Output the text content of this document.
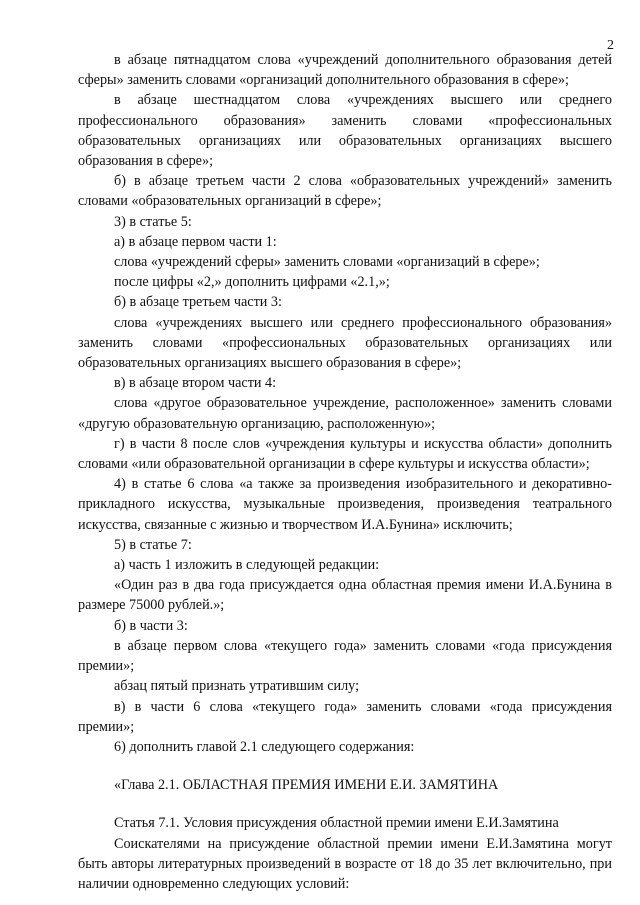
2

в абзаце пятнадцатом слова «учреждений дополнительного образования детей сферы» заменить словами «организаций дополнительного образования в сфере»;

в абзаце шестнадцатом слова «учреждениях высшего или среднего профессионального образования» заменить словами «профессиональных образовательных организациях или образовательных организациях высшего образования в сфере»;

б) в абзаце третьем части 2 слова «образовательных учреждений» заменить словами «образовательных организаций в сфере»;

3) в статье 5:

а) в абзаце первом части 1:

слова «учреждений сферы» заменить словами «организаций в сфере»;

после цифры «2,» дополнить цифрами «2.1,»;

б) в абзаце третьем части 3:

слова «учреждениях высшего или среднего профессионального образования» заменить словами «профессиональных образовательных организациях или образовательных организациях высшего образования в сфере»;

в) в абзаце втором части 4:

слова «другое образовательное учреждение, расположенное» заменить словами «другую образовательную организацию, расположенную»;

г) в части 8 после слов «учреждения культуры и искусства области» дополнить словами «или образовательной организации в сфере культуры и искусства области»;

4) в статье 6 слова «а также за произведения изобразительного и декоративно-прикладного искусства, музыкальные произведения, произведения театрального искусства, связанные с жизнью и творчеством И.А.Бунина» исключить;

5) в статье 7:

а) часть 1 изложить в следующей редакции:

«Один раз в два года присуждается одна областная премия имени И.А.Бунина в размере 75000 рублей.»;

б) в части 3:

в абзаце первом слова «текущего года» заменить словами «года присуждения премии»;

абзац пятый признать утратившим силу;

в) в части 6 слова «текущего года» заменить словами «года присуждения премии»;

6) дополнить главой 2.1 следующего содержания:

«Глава 2.1. ОБЛАСТНАЯ ПРЕМИЯ ИМЕНИ Е.И. ЗАМЯТИНА

Статья 7.1. Условия присуждения областной премии имени Е.И.Замятина

Соискателями на присуждение областной премии имени Е.И.Замятина могут быть авторы литературных произведений в возрасте от 18 до 35 лет включительно, при наличии одновременно следующих условий:
